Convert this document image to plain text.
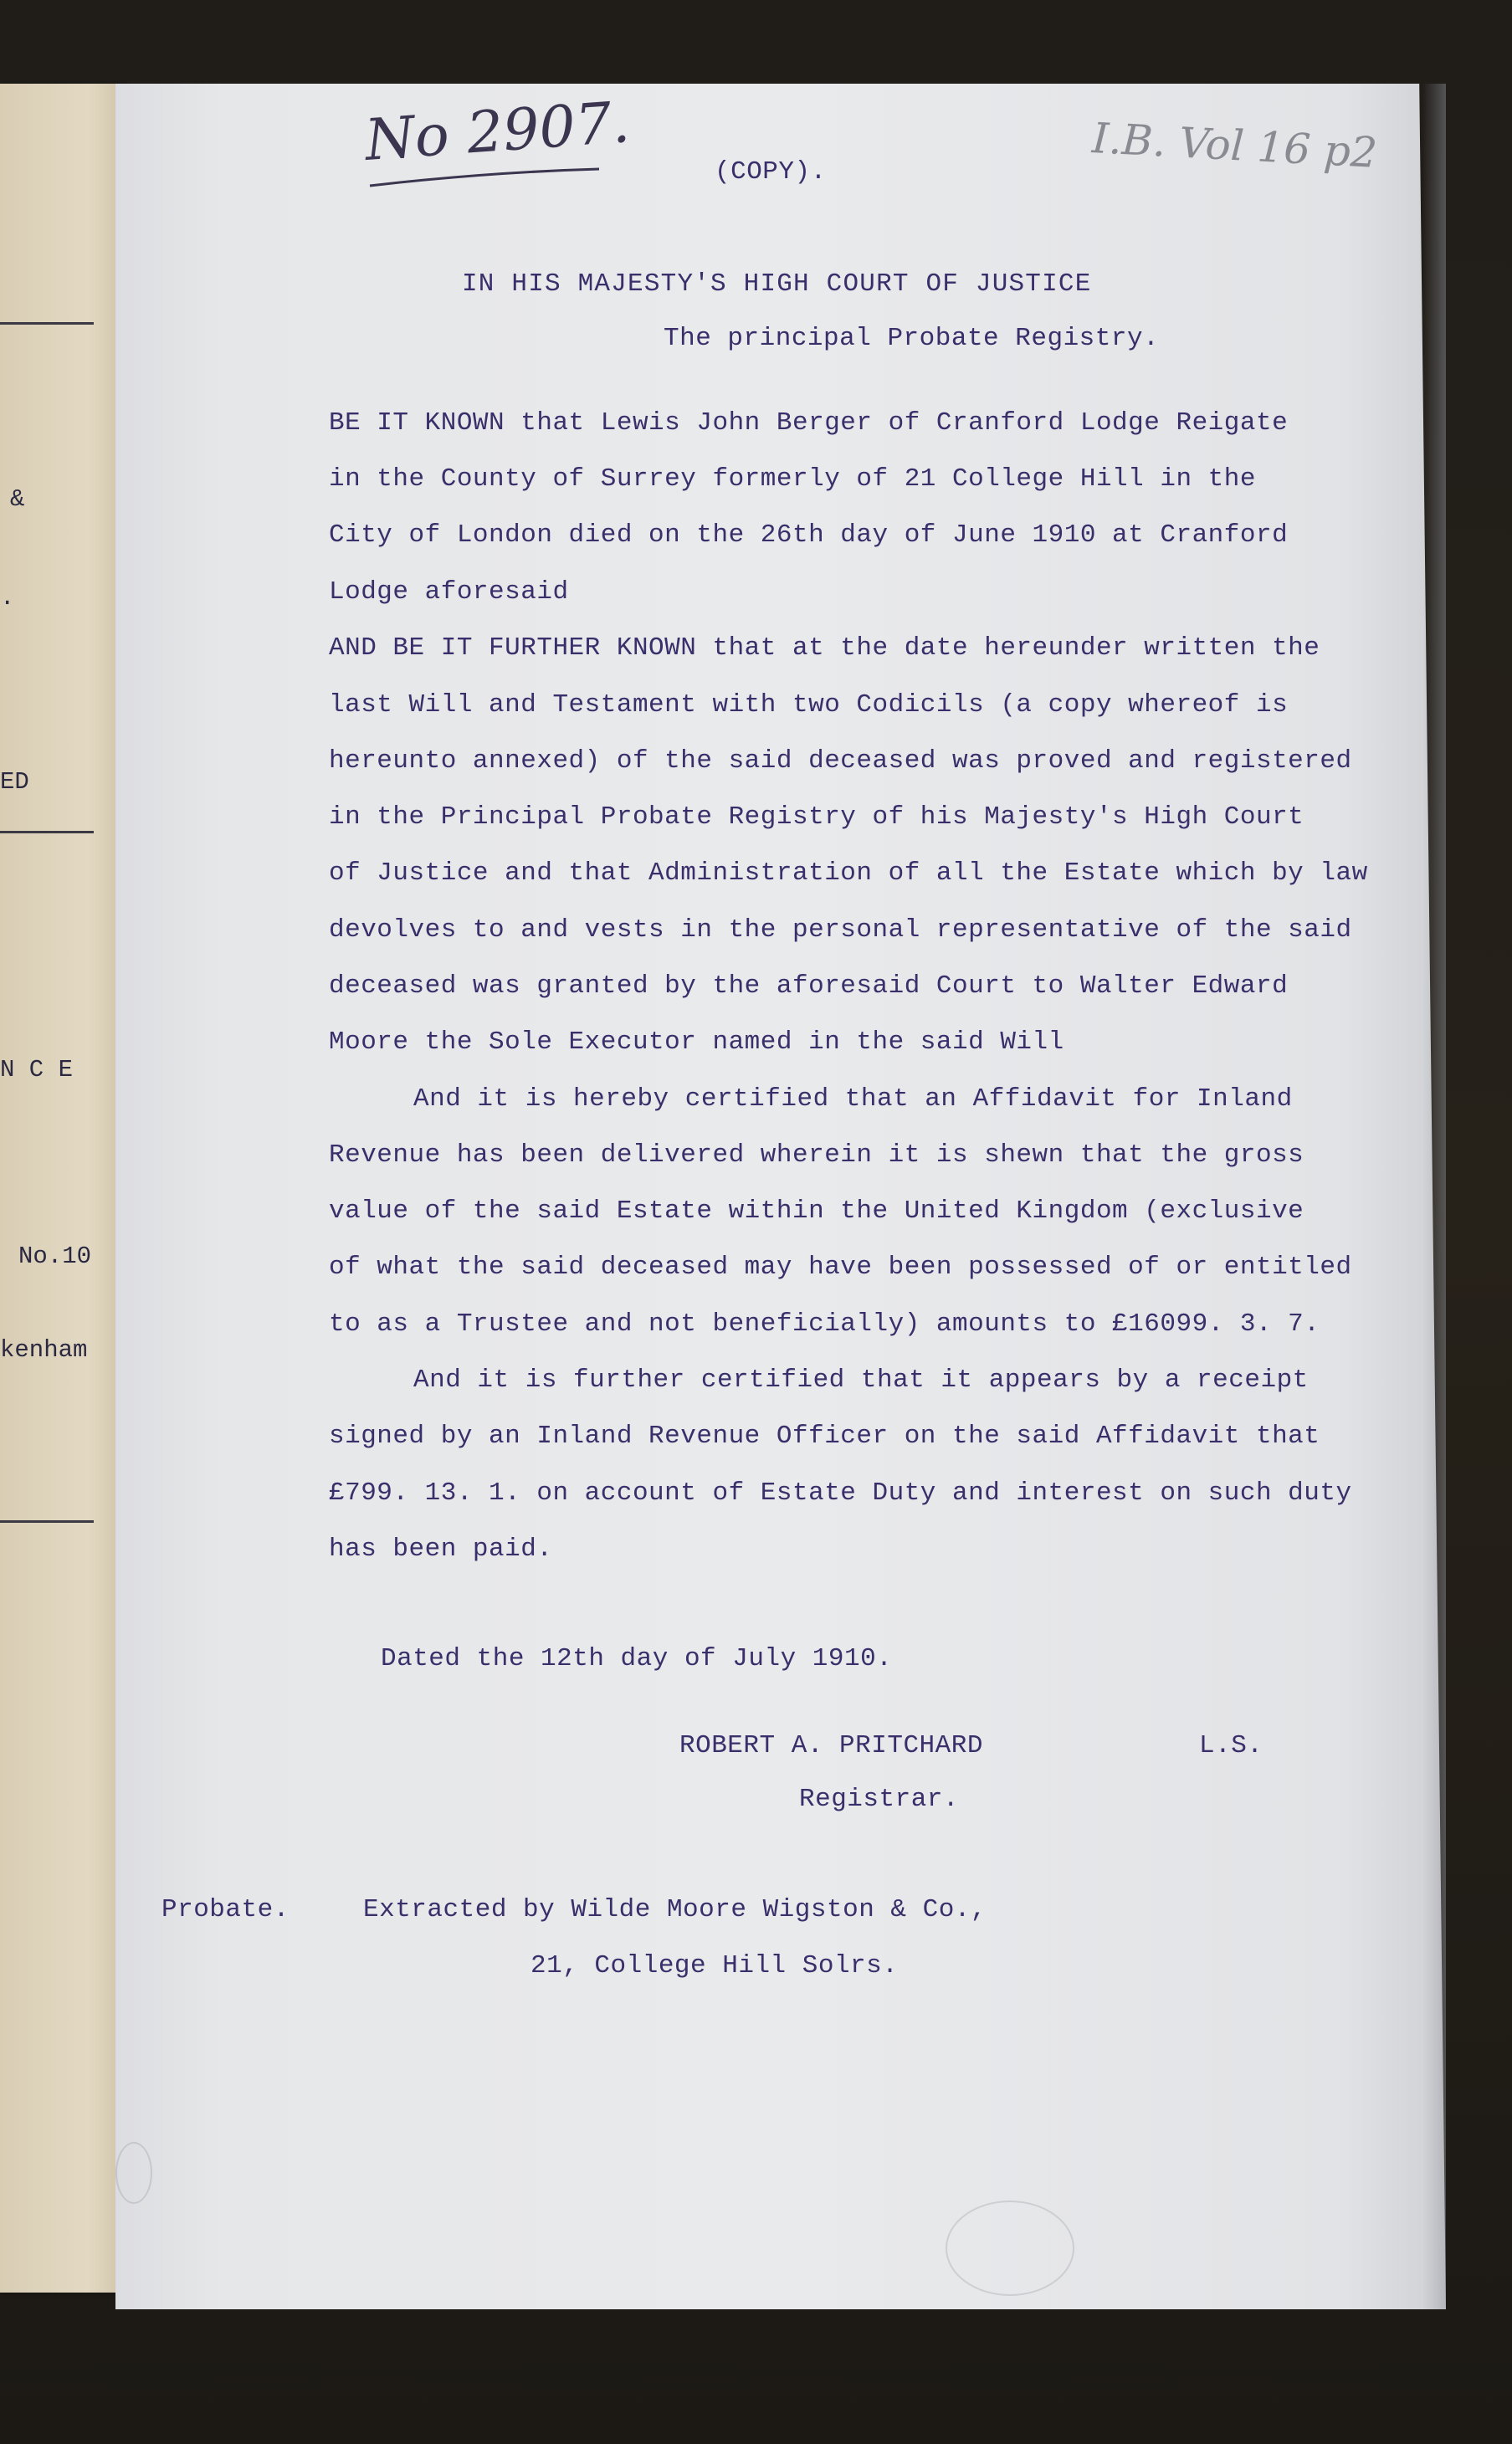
&
.
ED
N C E
No.10
kenham
No 2907.	I.B. Vol 16 p2
(COPY).
IN HIS MAJESTY'S HIGH COURT OF JUSTICE
The principal Probate Registry.
BE IT KNOWN that Lewis John Berger of Cranford Lodge Reigate
in the County of Surrey formerly of 21 College Hill in the
City of London died on the 26th day of June 1910 at Cranford
Lodge aforesaid
AND BE IT FURTHER KNOWN that at the date hereunder written the
last Will and Testament with two Codicils (a copy whereof is
hereunto annexed) of the said deceased was proved and registered
in the Principal Probate Registry of his Majesty's High Court
of Justice and that Administration of all the Estate which by law
devolves to and vests in the personal representative of the said
deceased was granted by the aforesaid Court to Walter Edward
Moore the Sole Executor named in the said Will
And it is hereby certified that an Affidavit for Inland
Revenue has been delivered wherein it is shewn that the gross
value of the said Estate within the United Kingdom (exclusive
of what the said deceased may have been possessed of or entitled
to as a Trustee and not beneficially) amounts to £16099. 3. 7.
And it is further certified that it appears by a receipt
signed by an Inland Revenue Officer on the said Affidavit that
£799. 13. 1. on account of Estate Duty and interest on such duty
has been paid.
Dated the 12th day of July 1910.
ROBERT A. PRITCHARD	L.S.
Registrar.
Probate.	Extracted by Wilde Moore Wigston & Co.,
21, College Hill Solrs.
